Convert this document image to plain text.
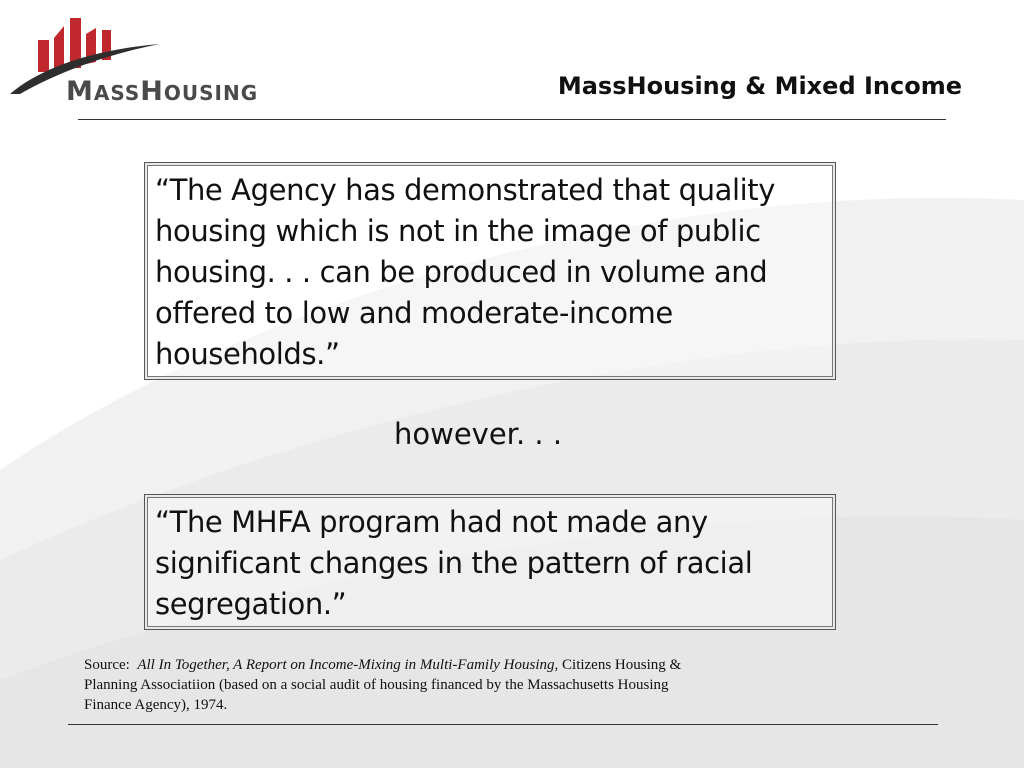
MASSHOUSING	MassHousing & Mixed Income
“The Agency has demonstrated that quality housing which is not in the image of public housing. . . can be produced in volume and offered to low and moderate-income households.”
however. . .
“The MHFA program had not made any significant changes in the pattern of racial segregation.”
Source: All In Together, A Report on Income-Mixing in Multi-Family Housing, Citizens Housing & Planning Associatiion (based on a social audit of housing financed by the Massachusetts Housing Finance Agency), 1974.
